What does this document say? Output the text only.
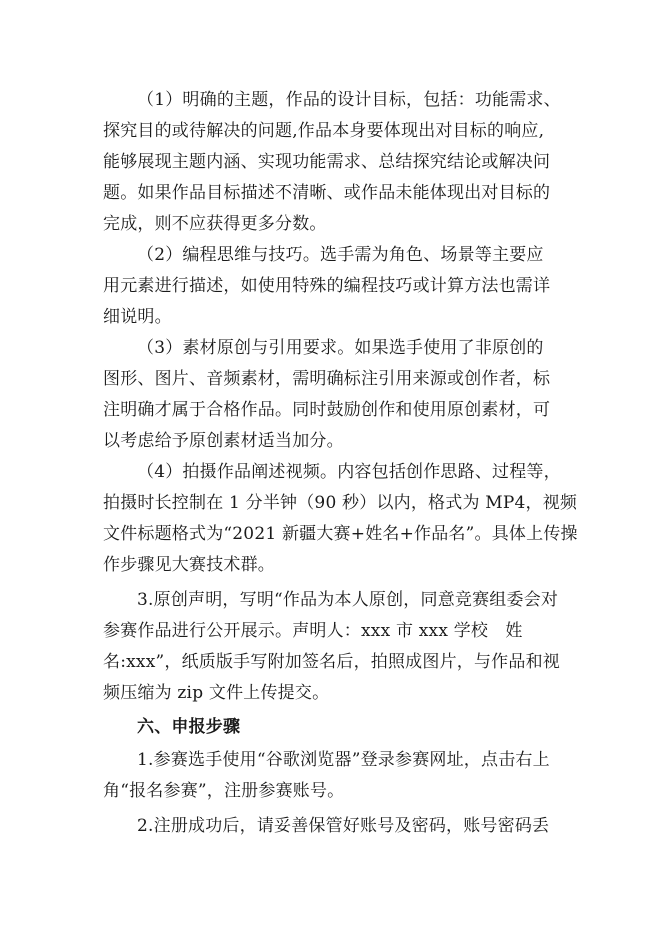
（1）明确的主题，作品的设计目标，包括：功能需求、
探究目的或待解决的问题,作品本身要体现出对目标的响应,
能够展现主题内涵、实现功能需求、总结探究结论或解决问
题。如果作品目标描述不清晰、或作品未能体现出对目标的
完成，则不应获得更多分数。
（2）编程思维与技巧。选手需为角色、场景等主要应
用元素进行描述，如使用特殊的编程技巧或计算方法也需详
细说明。
（3）素材原创与引用要求。如果选手使用了非原创的
图形、图片、音频素材，需明确标注引用来源或创作者，标
注明确才属于合格作品。同时鼓励创作和使用原创素材，可
以考虑给予原创素材适当加分。
（4）拍摄作品阐述视频。内容包括创作思路、过程等，
拍摄时长控制在 1 分半钟（90 秒）以内，格式为 MP4，视频
文件标题格式为“2021 新疆大赛+姓名+作品名”。具体上传操
作步骤见大赛技术群。
3.原创声明，写明“作品为本人原创，同意竞赛组委会对
参赛作品进行公开展示。声明人：xxx 市 xxx 学校　姓
名:xxx”，纸质版手写附加签名后，拍照成图片，与作品和视
频压缩为 zip 文件上传提交。
六、申报步骤
1.参赛选手使用“谷歌浏览器”登录参赛网址，点击右上
角“报名参赛”，注册参赛账号。
2.注册成功后，请妥善保管好账号及密码，账号密码丢
